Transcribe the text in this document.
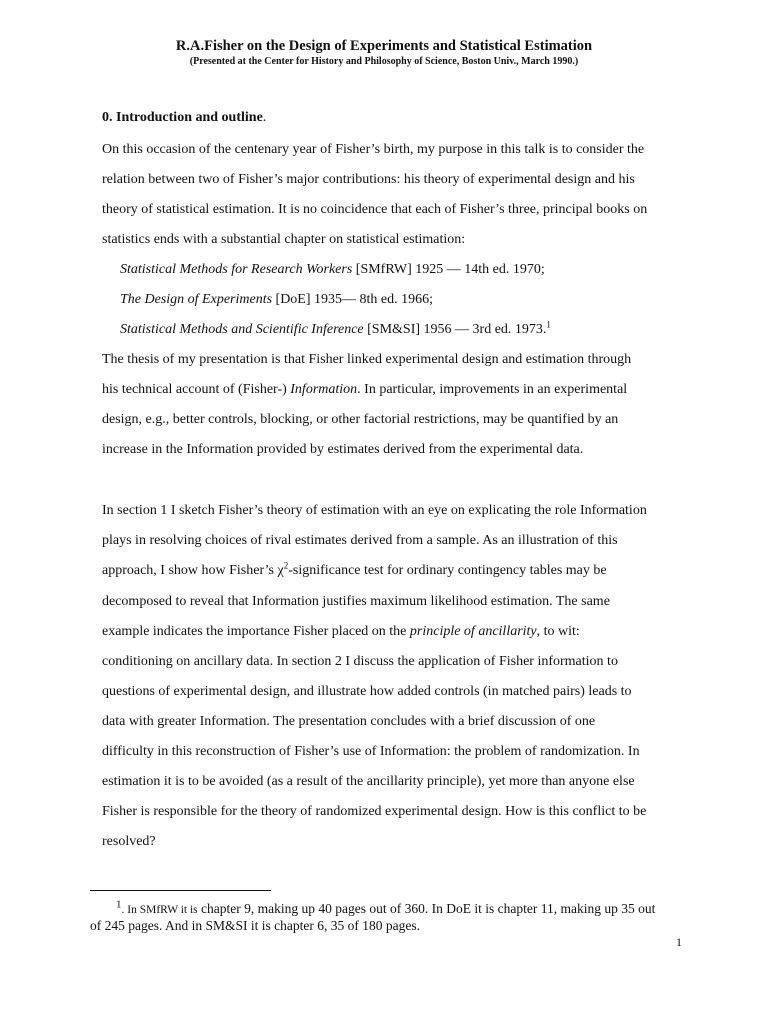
R.A.Fisher on the Design of Experiments and Statistical Estimation
(Presented at the Center for History and Philosophy of Science, Boston Univ., March 1990.)
0. Introduction and outline.
On this occasion of the centenary year of Fisher’s birth, my purpose in this talk is to consider the
relation between two of Fisher’s major contributions: his theory of experimental design and his
theory of statistical estimation. It is no coincidence that each of Fisher’s three, principal books on
statistics ends with a substantial chapter on statistical estimation:
Statistical Methods for Research Workers [SMfRW] 1925 — 14th ed. 1970;
The Design of Experiments [DoE] 1935— 8th ed. 1966;
Statistical Methods and Scientific Inference [SM&SI] 1956 — 3rd ed. 1973.$^1$
The thesis of my presentation is that Fisher linked experimental design and estimation through
his technical account of (Fisher-) Information. In particular, improvements in an experimental
design, e.g., better controls, blocking, or other factorial restrictions, may be quantified by an
increase in the Information provided by estimates derived from the experimental data.
In section 1 I sketch Fisher’s theory of estimation with an eye on explicating the role Information
plays in resolving choices of rival estimates derived from a sample. As an illustration of this
approach, I show how Fisher’s $\chi^2$-significance test for ordinary contingency tables may be
decomposed to reveal that Information justifies maximum likelihood estimation. The same
example indicates the importance Fisher placed on the principle of ancillarity, to wit:
conditioning on ancillary data. In section 2 I discuss the application of Fisher information to
questions of experimental design, and illustrate how added controls (in matched pairs) leads to
data with greater Information. The presentation concludes with a brief discussion of one
difficulty in this reconstruction of Fisher’s use of Information: the problem of randomization. In
estimation it is to be avoided (as a result of the ancillarity principle), yet more than anyone else
Fisher is responsible for the theory of randomized experimental design. How is this conflict to be
resolved?
$^1$. In SMfRW it is chapter 9, making up 40 pages out of 360. In DoE it is chapter 11, making up 35 out
of 245 pages. And in SM&SI it is chapter 6, 35 of 180 pages.
1
